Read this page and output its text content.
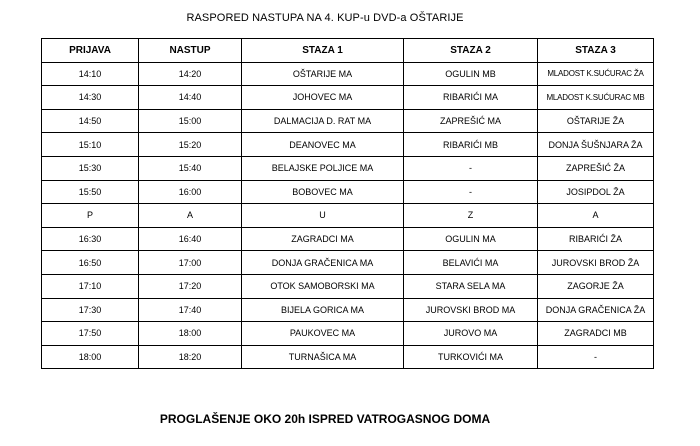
RASPORED NASTUPA NA 4. KUP-u DVD-a OŠTARIJE
PRIJAVA	NASTUP	STAZA 1	STAZA 2	STAZA 3
14:10	14:20	OŠTARIJE MA	OGULIN MB	MLADOST K.SUĆURAC ŽA
14:30	14:40	JOHOVEC MA	RIBARIĆI MA	MLADOST K.SUĆURAC MB
14:50	15:00	DALMACIJA D. RAT MA	ZAPREŠIĆ MA	OŠTARIJE ŽA
15:10	15:20	DEANOVEC MA	RIBARIĆI MB	DONJA ŠUŠNJARA ŽA
15:30	15:40	BELAJSKE POLJICE MA	-	ZAPREŠIĆ ŽA
15:50	16:00	BOBOVEC MA	-	JOSIPDOL ŽA
P	A	U	Z	A
16:30	16:40	ZAGRADCI MA	OGULIN MA	RIBARIĆI ŽA
16:50	17:00	DONJA GRAČENICA MA	BELAVIĆI MA	JUROVSKI BROD ŽA
17:10	17:20	OTOK SAMOBORSKI MA	STARA SELA MA	ZAGORJE ŽA
17:30	17:40	BIJELA GORICA MA	JUROVSKI BROD MA	DONJA GRAČENICA ŽA
17:50	18:00	PAUKOVEC MA	JUROVO MA	ZAGRADCI MB
18:00	18:20	TURNAŠICA MA	TURKOVIĆI MA	-
PROGLAŠENJE OKO 20h ISPRED VATROGASNOG DOMA
